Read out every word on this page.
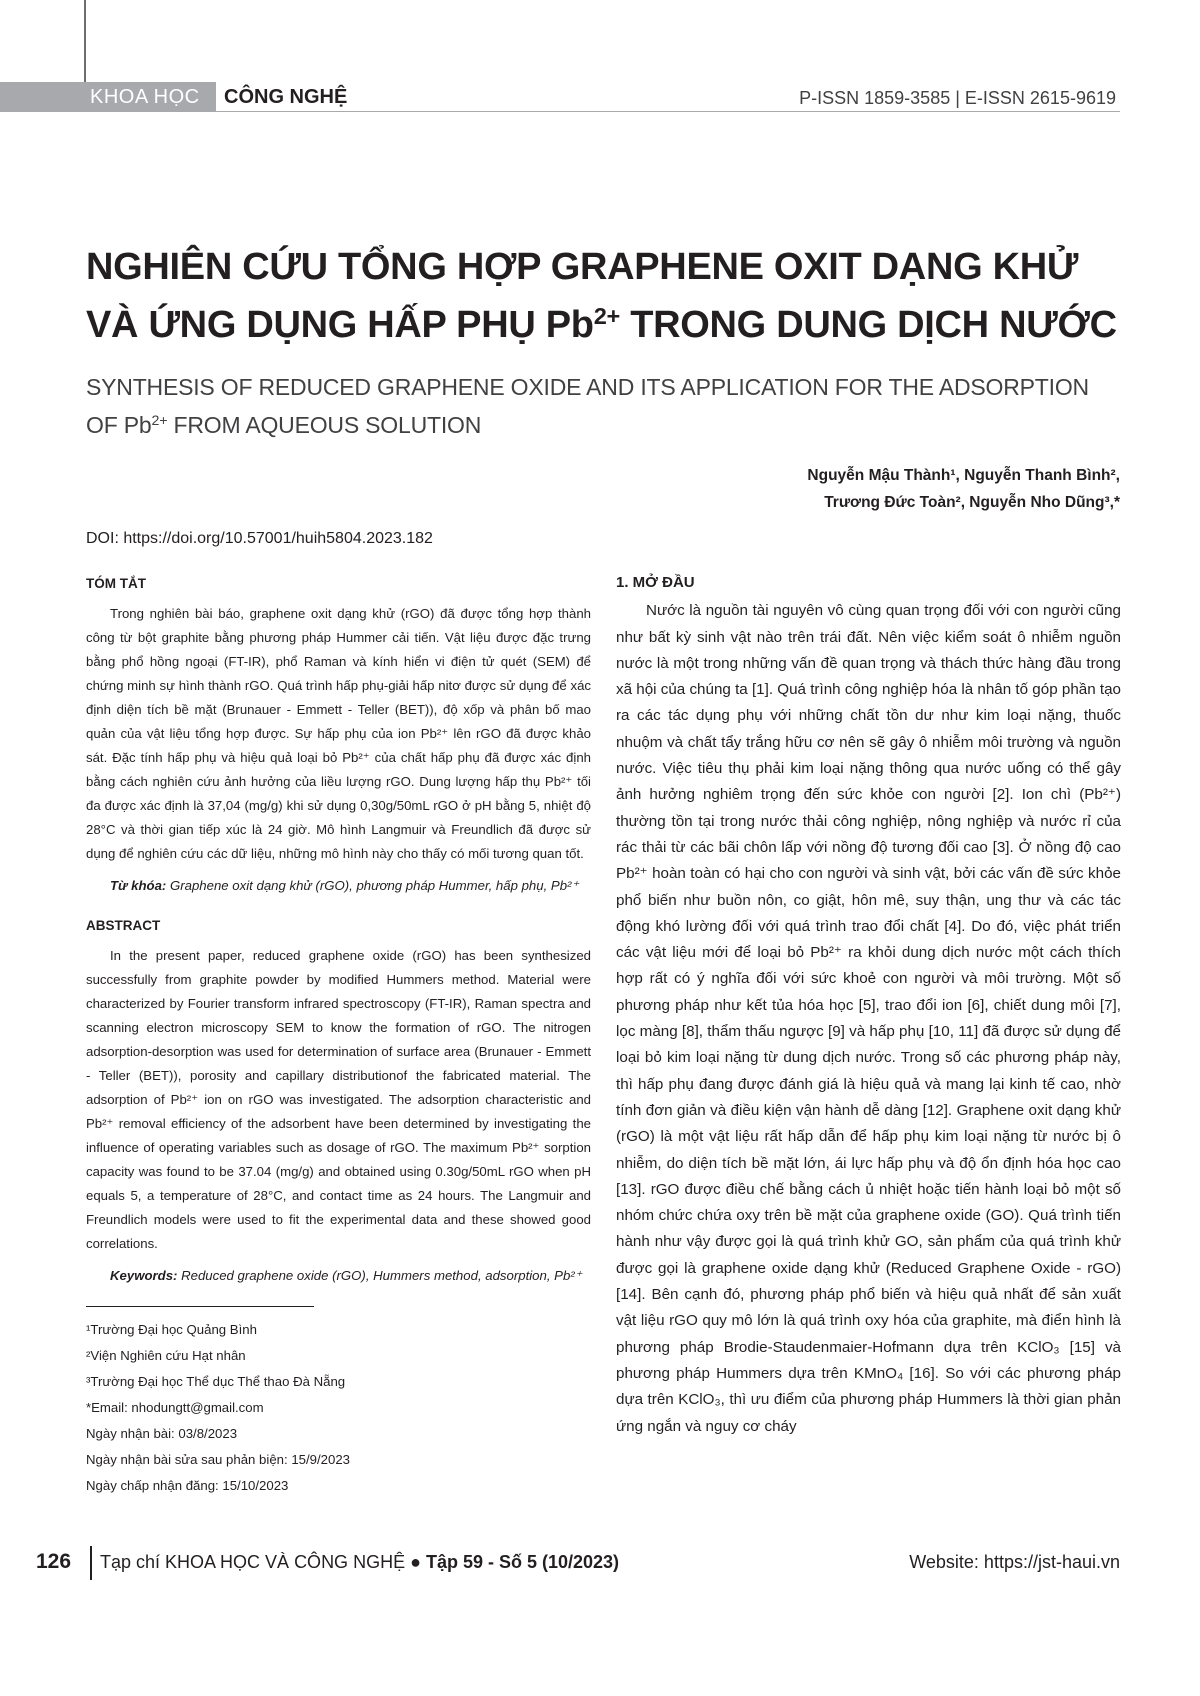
KHOA HỌC CÔNG NGHỆ	P-ISSN 1859-3585 | E-ISSN 2615-9619
NGHIÊN CỨU TỔNG HỢP GRAPHENE OXIT DẠNG KHỬ
VÀ ỨNG DỤNG HẤP PHỤ $Pb^{2+}$ TRONG DUNG DỊCH NƯỚC
SYNTHESIS OF REDUCED GRAPHENE OXIDE AND ITS APPLICATION FOR THE ADSORPTION
OF $Pb^{2+}$ FROM AQUEOUS SOLUTION
Nguyễn Mậu Thành¹, Nguyễn Thanh Bình²,
Trương Đức Toàn², Nguyễn Nho Dũng³,*
DOI: https://doi.org/10.57001/huih5804.2023.182
TÓM TẮT

Trong nghiên bài báo, graphene oxit dạng khử (rGO) đã được tổng hợp thành công từ bột graphite bằng phương pháp Hummer cải tiến. Vật liệu được đặc trưng bằng phổ hồng ngoại (FT-IR), phổ Raman và kính hiển vi điện tử quét (SEM) để chứng minh sự hình thành rGO. Quá trình hấp phụ-giải hấp nitơ được sử dụng để xác định diện tích bề mặt (Brunauer - Emmett - Teller (BET)), độ xốp và phân bố mao quản của vật liệu tổng hợp được. Sự hấp phụ của ion Pb²⁺ lên rGO đã được khảo sát. Đặc tính hấp phụ và hiệu quả loại bỏ Pb²⁺ của chất hấp phụ đã được xác định bằng cách nghiên cứu ảnh hưởng của liều lượng rGO. Dung lượng hấp thụ Pb²⁺ tối đa được xác định là 37,04 (mg/g) khi sử dụng 0,30g/50mL rGO ở pH bằng 5, nhiệt độ 28°C và thời gian tiếp xúc là 24 giờ. Mô hình Langmuir và Freundlich đã được sử dụng để nghiên cứu các dữ liệu, những mô hình này cho thấy có mối tương quan tốt.

Từ khóa: Graphene oxit dạng khử (rGO), phương pháp Hummer, hấp phụ, Pb²⁺
ABSTRACT

In the present paper, reduced graphene oxide (rGO) has been synthesized successfully from graphite powder by modified Hummers method. Material were characterized by Fourier transform infrared spectroscopy (FT-IR), Raman spectra and scanning electron microscopy SEM to know the formation of rGO. The nitrogen adsorption-desorption was used for determination of surface area (Brunauer - Emmett - Teller (BET)), porosity and capillary distributionof the fabricated material. The adsorption of Pb²⁺ ion on rGO was investigated. The adsorption characteristic and Pb²⁺ removal efficiency of the adsorbent have been determined by investigating the influence of operating variables such as dosage of rGO. The maximum Pb²⁺ sorption capacity was found to be 37.04 (mg/g) and obtained using 0.30g/50mL rGO when pH equals 5, a temperature of 28°C, and contact time as 24 hours. The Langmuir and Freundlich models were used to fit the experimental data and these showed good correlations.

Keywords: Reduced graphene oxide (rGO), Hummers method, adsorption, Pb²⁺
¹Trường Đại học Quảng Bình
²Viện Nghiên cứu Hạt nhân
³Trường Đại học Thể dục Thể thao Đà Nẵng
*Email: nhodungtt@gmail.com
Ngày nhận bài: 03/8/2023
Ngày nhận bài sửa sau phản biện: 15/9/2023
Ngày chấp nhận đăng: 15/10/2023
1. MỞ ĐẦU

Nước là nguồn tài nguyên vô cùng quan trọng đối với con người cũng như bất kỳ sinh vật nào trên trái đất. Nên việc kiểm soát ô nhiễm nguồn nước là một trong những vấn đề quan trọng và thách thức hàng đầu trong xã hội của chúng ta [1]. Quá trình công nghiệp hóa là nhân tố góp phần tạo ra các tác dụng phụ với những chất tồn dư như kim loại nặng, thuốc nhuộm và chất tẩy trắng hữu cơ nên sẽ gây ô nhiễm môi trường và nguồn nước. Việc tiêu thụ phải kim loại nặng thông qua nước uống có thể gây ảnh hưởng nghiêm trọng đến sức khỏe con người [2]. Ion chì (Pb²⁺) thường tồn tại trong nước thải công nghiệp, nông nghiệp và nước rỉ của rác thải từ các bãi chôn lấp với nồng độ tương đối cao [3]. Ở nồng độ cao Pb²⁺ hoàn toàn có hại cho con người và sinh vật, bởi các vấn đề sức khỏe phổ biến như buồn nôn, co giật, hôn mê, suy thận, ung thư và các tác động khó lường đối với quá trình trao đổi chất [4]. Do đó, việc phát triển các vật liệu mới để loại bỏ Pb²⁺ ra khỏi dung dịch nước một cách thích hợp rất có ý nghĩa đối với sức khoẻ con người và môi trường. Một số phương pháp như kết tủa hóa học [5], trao đổi ion [6], chiết dung môi [7], lọc màng [8], thẩm thấu ngược [9] và hấp phụ [10, 11] đã được sử dụng để loại bỏ kim loại nặng từ dung dịch nước. Trong số các phương pháp này, thì hấp phụ đang được đánh giá là hiệu quả và mang lại kinh tế cao, nhờ tính đơn giản và điều kiện vận hành dễ dàng [12]. Graphene oxit dạng khử (rGO) là một vật liệu rất hấp dẫn để hấp phụ kim loại nặng từ nước bị ô nhiễm, do diện tích bề mặt lớn, ái lực hấp phụ và độ ổn định hóa học cao [13]. rGO được điều chế bằng cách ủ nhiệt hoặc tiến hành loại bỏ một số nhóm chức chứa oxy trên bề mặt của graphene oxide (GO). Quá trình tiến hành như vậy được gọi là quá trình khử GO, sản phẩm của quá trình khử được gọi là graphene oxide dạng khử (Reduced Graphene Oxide - rGO) [14]. Bên cạnh đó, phương pháp phổ biến và hiệu quả nhất để sản xuất vật liệu rGO quy mô lớn là quá trình oxy hóa của graphite, mà điển hình là phương pháp Brodie-Staudenmaier-Hofmann dựa trên KClO₃ [15] và phương pháp Hummers dựa trên KMnO₄ [16]. So với các phương pháp dựa trên KClO₃, thì ưu điểm của phương pháp Hummers là thời gian phản ứng ngắn và nguy cơ cháy

126 Tạp chí KHOA HỌC VÀ CÔNG NGHỆ ● Tập 59 - Số 5 (10/2023)	Website: https://jst-haui.vn
